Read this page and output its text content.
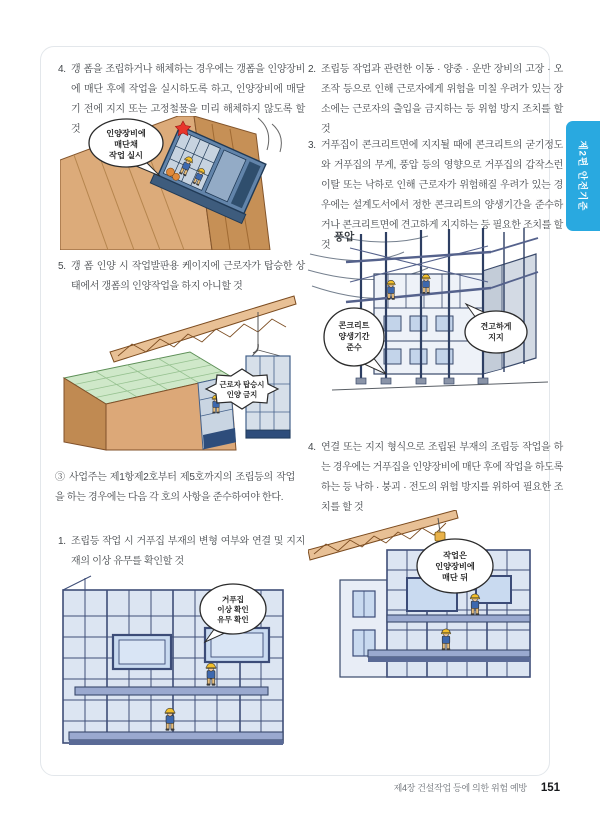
4. 갱 폼을 조립하거나 해체하는 경우에는 갱폼을 인양장비에 매단 후에 작업을 실시하도록 하고, 인양장비에 매달기 전에 지지 또는 고정철물을 미리 해체하지 않도록 할 것

5. 갱 폼 인양 시 작업발판용 케이지에 근로자가 탑승한 상태에서 갱폼의 인양작업을 하지 아니할 것

③ 사업주는 제1항제2호부터 제5호까지의 조립등의 작업을 하는 경우에는 다음 각 호의 사항을 준수하여야 한다.

1. 조립등 작업 시 거푸집 부재의 변형 여부와 연결 및 지지재의 이상 유무를 확인할 것

2. 조립등 작업과 관련한 이동 · 양중 · 운반 장비의 고장 · 오조작 등으로 인해 근로자에게 위험을 미칠 우려가 있는 장소에는 근로자의 출입을 금지하는 등 위험 방지 조치를 할 것

3. 거푸집이 콘크리트면에 지지될 때에 콘크리트의 굳기정도와 거푸집의 무게, 풍압 등의 영향으로 거푸집의 갑작스런 이탈 또는 낙하로 인해 근로자가 위험해질 우려가 있는 경우에는 설계도서에서 정한 콘크리트의 양생기간을 준수하거나 콘크리트면에 견고하게 지지하는 등 필요한 조치를 할 것

4. 연결 또는 지지 형식으로 조립된 부재의 조립등 작업을 하는 경우에는 거푸집을 인양장비에 매단 후에 작업을 하도록 하는 등 낙하 · 붕괴 · 전도의 위험 방지를 위하여 필요한 조치를 할 것

인양장비에
매단채
작업 실시
근로자 탑승시
인양 금지
거푸집
이상 확인
유무 확인
풍압
콘크리트
양생기간
준수
견고하게
지지
작업은
인양장비에
매단 뒤
제2편 안전기준
제4장 건설작업 등에 의한 위험 예방 151
